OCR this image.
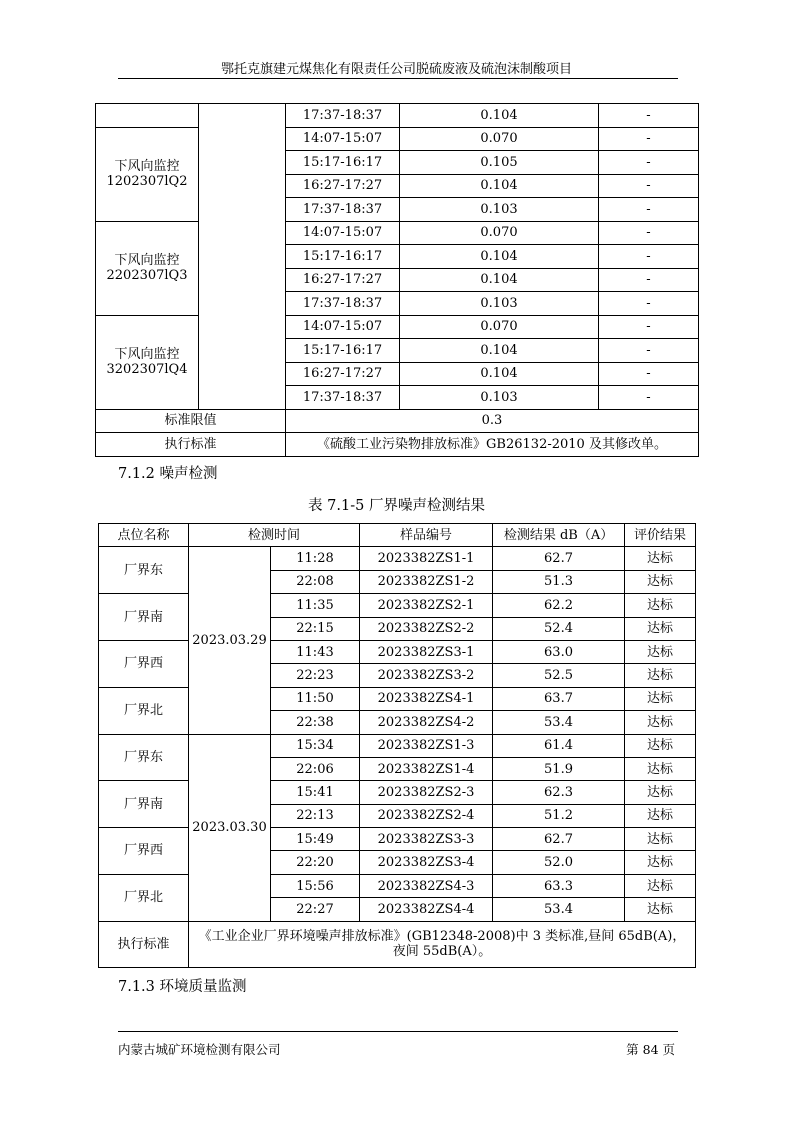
鄂托克旗建元煤焦化有限责任公司脱硫废液及硫泡沫制酸项目
		17:37-18:37	0.104	-
下风向监控
1202307lQ2		14:07-15:07	0.070	-
		15:17-16:17	0.105	-
		16:27-17:27	0.104	-
		17:37-18:37	0.103	-
下风向监控
2202307lQ3		14:07-15:07	0.070	-
		15:17-16:17	0.104	-
		16:27-17:27	0.104	-
		17:37-18:37	0.103	-
下风向监控
3202307lQ4		14:07-15:07	0.070	-
		15:17-16:17	0.104	-
		16:27-17:27	0.104	-
		17:37-18:37	0.103	-
标准限值		0.3		
执行标准		《硫酸工业污染物排放标准》GB26132-2010 及其修改单。		
7.1.2 噪声检测
表 7.1-5 厂界噪声检测结果
点位名称	检测时间		样品编号	检测结果 dB（A）	评价结果
厂界东	2023.03.29	11:28	2023382ZS1-1	62.7	达标
		22:08	2023382ZS1-2	51.3	达标
厂界南		11:35	2023382ZS2-1	62.2	达标
		22:15	2023382ZS2-2	52.4	达标
厂界西		11:43	2023382ZS3-1	63.0	达标
		22:23	2023382ZS3-2	52.5	达标
厂界北		11:50	2023382ZS4-1	63.7	达标
		22:38	2023382ZS4-2	53.4	达标
厂界东	2023.03.30	15:34	2023382ZS1-3	61.4	达标
		22:06	2023382ZS1-4	51.9	达标
厂界南		15:41	2023382ZS2-3	62.3	达标
		22:13	2023382ZS2-4	51.2	达标
厂界西		15:49	2023382ZS3-3	62.7	达标
		22:20	2023382ZS3-4	52.0	达标
厂界北		15:56	2023382ZS4-3	63.3	达标
		22:27	2023382ZS4-4	53.4	达标
执行标准	《工业企业厂界环境噪声排放标准》(GB12348-2008)中 3 类标准,昼间 65dB(A)，
夜间 55dB(A）。				
7.1.3 环境质量监测
内蒙古城矿环境检测有限公司	第 84 页
